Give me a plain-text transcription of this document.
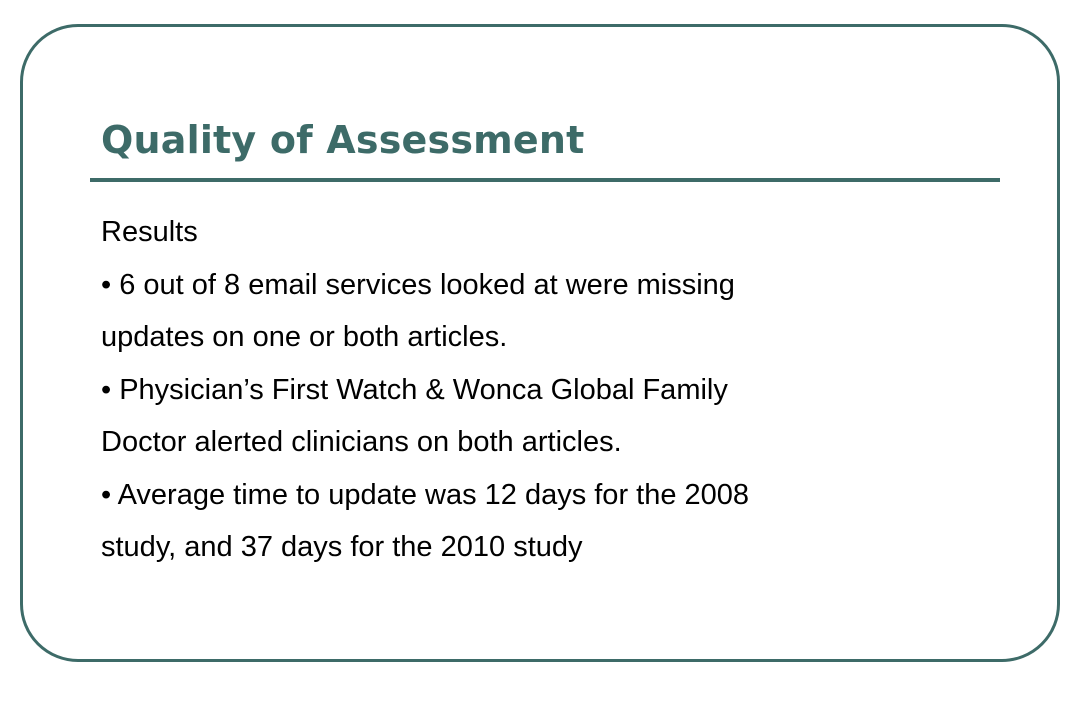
Quality of Assessment
Results
• 6 out of 8 email services looked at were missing
updates on one or both articles.
• Physician’s First Watch & Wonca Global Family
Doctor alerted clinicians on both articles.
• Average time to update was 12 days for the 2008
study, and 37 days for the 2010 study
